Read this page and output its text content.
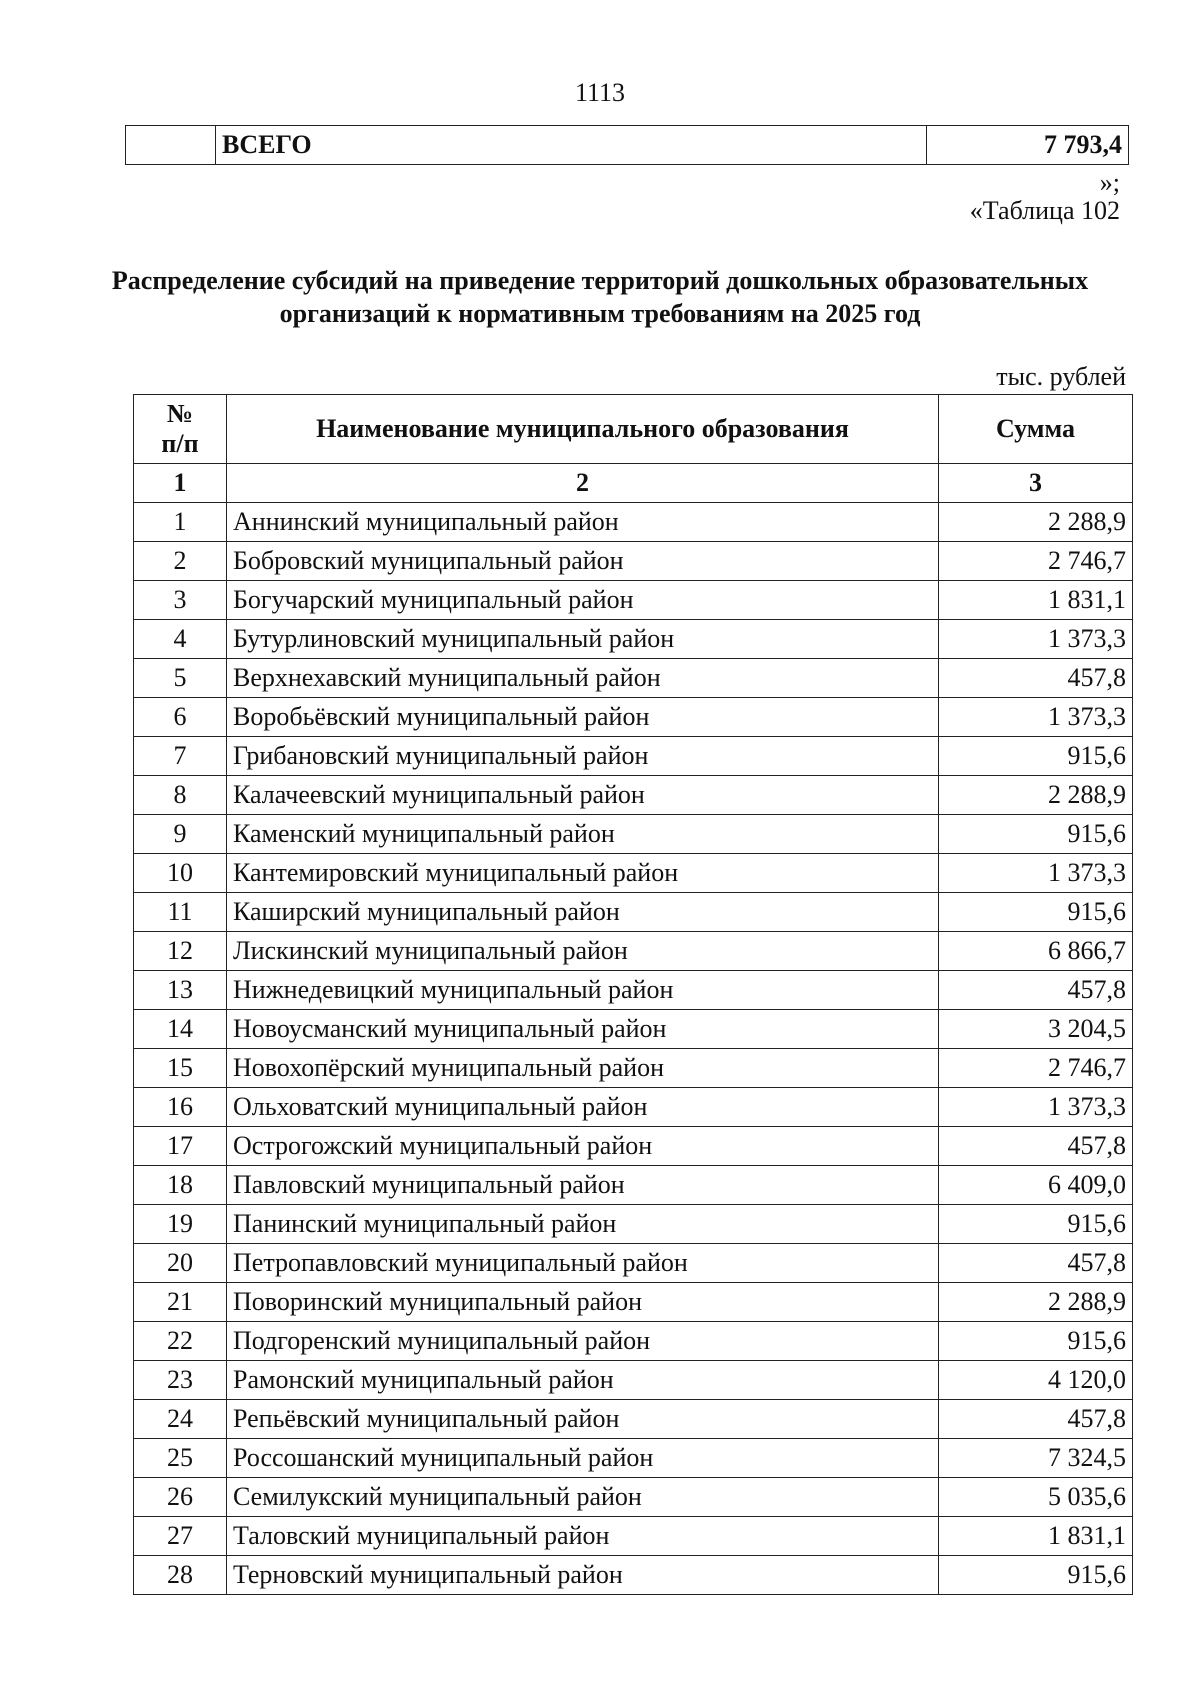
1113
	ВСЕГО	7 793,4
»;
«Таблица 102
Распределение субсидий на приведение территорий дошкольных образовательных организаций к нормативным требованиям на 2025 год
тыс. рублей
№
п/п	Наименование муниципального образования	Сумма
1	2	3
1	Аннинский муниципальный район	2 288,9
2	Бобровский муниципальный район	2 746,7
3	Богучарский муниципальный район	1 831,1
4	Бутурлиновский муниципальный район	1 373,3
5	Верхнехавский муниципальный район	457,8
6	Воробьёвский муниципальный район	1 373,3
7	Грибановский муниципальный район	915,6
8	Калачеевский муниципальный район	2 288,9
9	Каменский муниципальный район	915,6
10	Кантемировский муниципальный район	1 373,3
11	Каширский муниципальный район	915,6
12	Лискинский муниципальный район	6 866,7
13	Нижнедевицкий муниципальный район	457,8
14	Новоусманский муниципальный район	3 204,5
15	Новохопёрский муниципальный район	2 746,7
16	Ольховатский муниципальный район	1 373,3
17	Острогожский муниципальный район	457,8
18	Павловский муниципальный район	6 409,0
19	Панинский муниципальный район	915,6
20	Петропавловский муниципальный район	457,8
21	Поворинский муниципальный район	2 288,9
22	Подгоренский муниципальный район	915,6
23	Рамонский муниципальный район	4 120,0
24	Репьёвский муниципальный район	457,8
25	Россошанский муниципальный район	7 324,5
26	Семилукский муниципальный район	5 035,6
27	Таловский муниципальный район	1 831,1
28	Терновский муниципальный район	915,6
